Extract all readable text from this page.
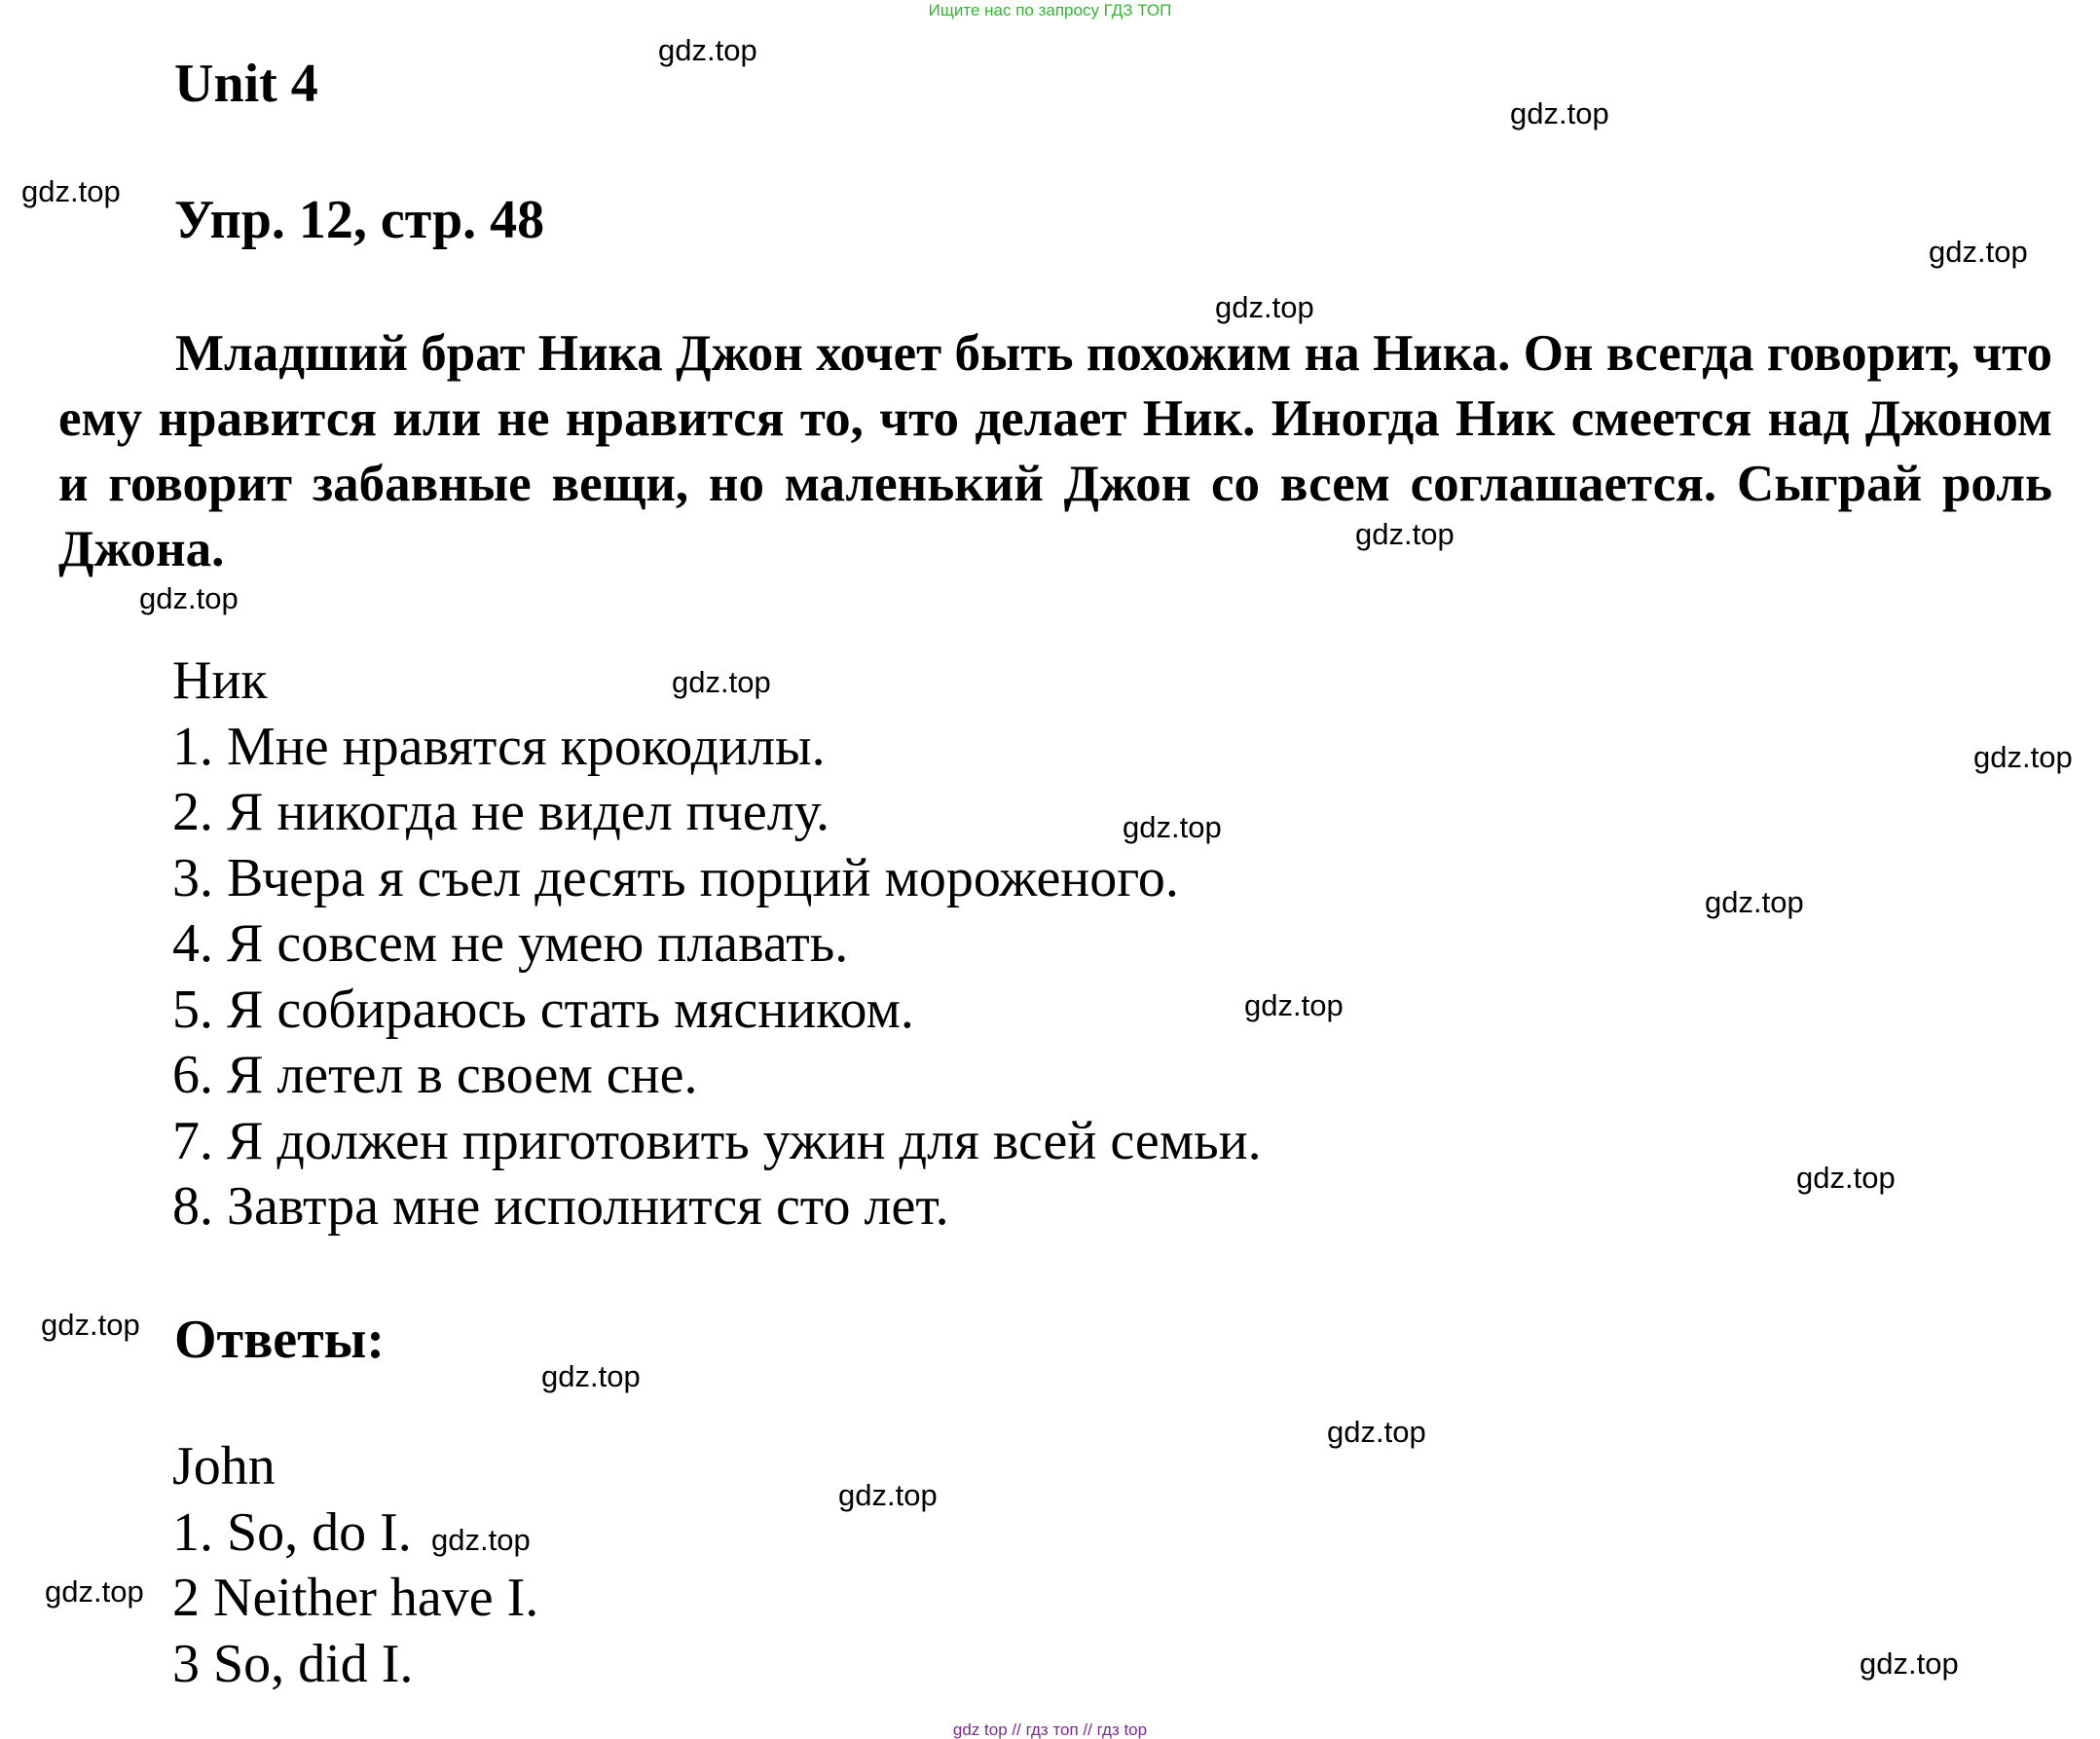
Ищите нас по запросу ГДЗ ТОП
Unit 4
Упр. 12, стр. 48

Младший брат Ника Джон хочет быть похожим на Ника. Он всегда говорит, что ему нравится или не нравится то, что делает Ник. Иногда Ник смеется над Джоном и говорит забавные вещи, но маленький Джон со всем соглашается. Сыграй роль Джона.

Ник
1. Мне нравятся крокодилы.
2. Я никогда не видел пчелу.
3. Вчера я съел десять порций мороженого.
4. Я совсем не умею плавать.
5. Я собираюсь стать мясником.
6. Я летел в своем сне.
7. Я должен приготовить ужин для всей семьи.
8. Завтра мне исполнится сто лет.
Ответы:
John
1. So, do I.
2 Neither have I.
3 So, did I.
gdz.top
gdz.top
gdz.top
gdz.top
gdz.top
gdz.top
gdz.top
gdz.top
gdz.top
gdz.top
gdz.top
gdz.top
gdz.top
gdz.top
gdz.top
gdz.top
gdz.top
gdz.top
gdz.top
gdz.top
gdz top // гдз топ // гдз top
